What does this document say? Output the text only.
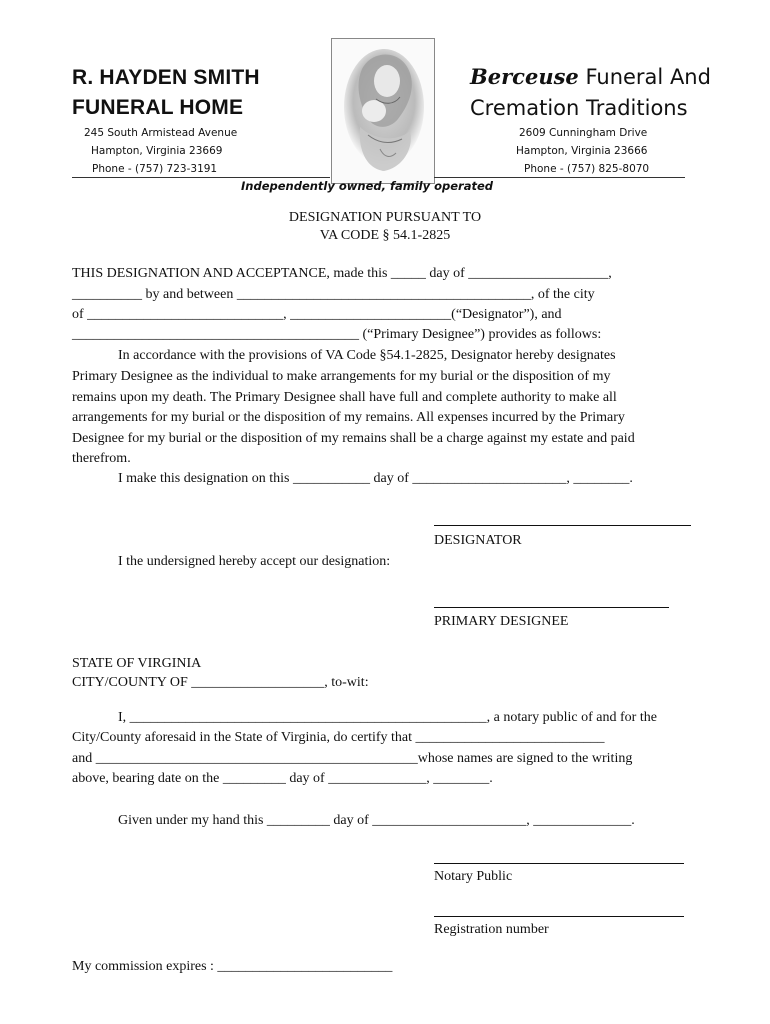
R. HAYDEN SMITH
FUNERAL HOME
245 South Armistead Avenue
Hampton, Virginia 23669
Phone - (757) 723-3191
Berceuse Funeral And
Cremation Traditions
2609 Cunningham Drive
Hampton, Virginia 23666
Phone - (757) 825-8070
Independently owned, family operated
DESIGNATION PURSUANT TO
VA CODE § 54.1-2825
THIS DESIGNATION AND ACCEPTANCE, made this _____ day of ____________________,
__________ by and between __________________________________________, of the city
of ____________________________, _______________________(“Designator”), and
_________________________________________ (“Primary Designee”) provides as follows:
In accordance with the provisions of VA Code §54.1-2825, Designator hereby designates
Primary Designee as the individual to make arrangements for my burial or the disposition of my
remains upon my death. The Primary Designee shall have full and complete authority to make all
arrangements for my burial or the disposition of my remains. All expenses incurred by the Primary
Designee for my burial or the disposition of my remains shall be a charge against my estate and paid
therefrom.
I make this designation on this ___________ day of ______________________, ________.
DESIGNATOR
I the undersigned hereby accept our designation:
PRIMARY DESIGNEE
STATE OF VIRGINIA
CITY/COUNTY OF ___________________, to-wit:
I, ___________________________________________________, a notary public of and for the
City/County aforesaid in the State of Virginia, do certify that ___________________________
and ______________________________________________whose names are signed to the writing
above, bearing date on the _________ day of ______________, ________.
Given under my hand this _________ day of ______________________, ______________.
Notary Public
Registration number
My commission expires : _________________________
